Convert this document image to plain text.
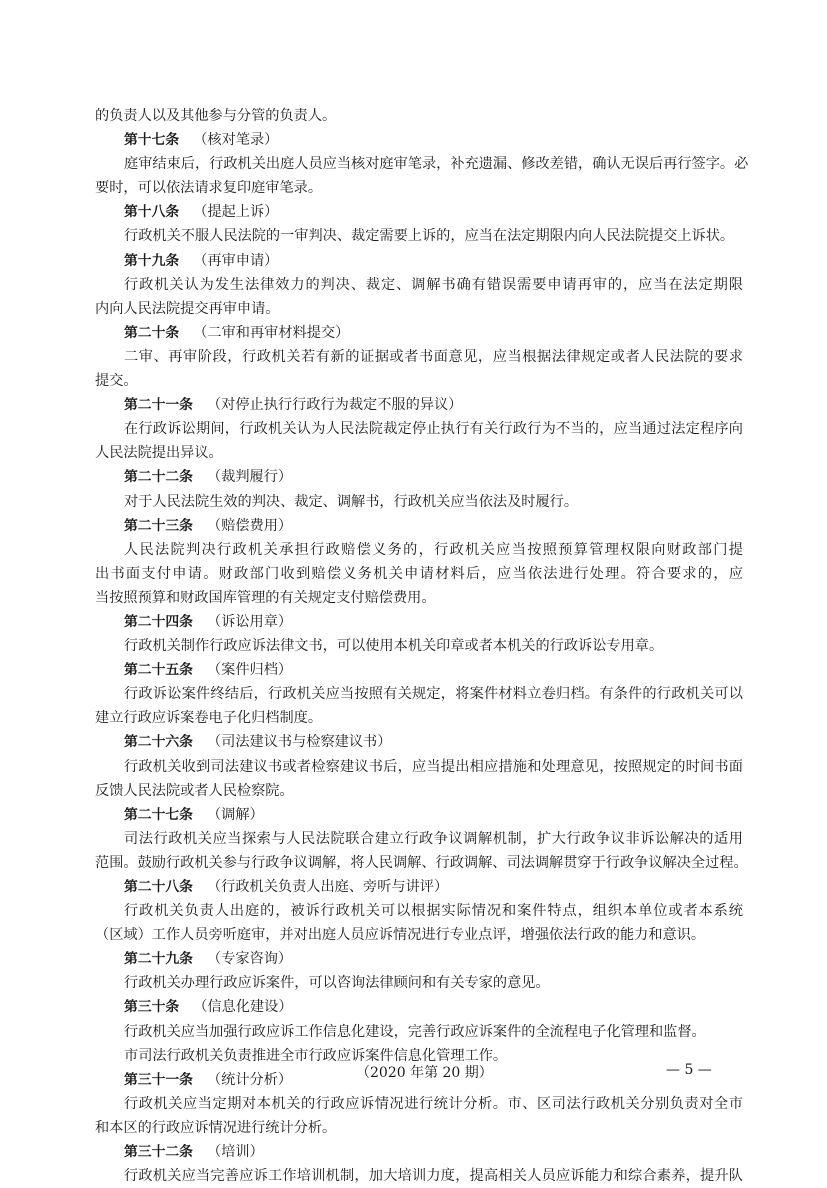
的负责人以及其他参与分管的负责人。
第十七条 （核对笔录）
庭审结束后，行政机关出庭人员应当核对庭审笔录，补充遗漏、修改差错，确认无误后再行签字。必
要时，可以依法请求复印庭审笔录。
第十八条 （提起上诉）
行政机关不服人民法院的一审判决、裁定需要上诉的，应当在法定期限内向人民法院提交上诉状。
第十九条 （再审申请）
行政机关认为发生法律效力的判决、裁定、调解书确有错误需要申请再审的，应当在法定期限
内向人民法院提交再审申请。
第二十条 （二审和再审材料提交）
二审、再审阶段，行政机关若有新的证据或者书面意见，应当根据法律规定或者人民法院的要求
提交。
第二十一条 （对停止执行行政行为裁定不服的异议）
在行政诉讼期间，行政机关认为人民法院裁定停止执行有关行政行为不当的，应当通过法定程序向
人民法院提出异议。
第二十二条 （裁判履行）
对于人民法院生效的判决、裁定、调解书，行政机关应当依法及时履行。
第二十三条 （赔偿费用）
人民法院判决行政机关承担行政赔偿义务的，行政机关应当按照预算管理权限向财政部门提
出书面支付申请。财政部门收到赔偿义务机关申请材料后，应当依法进行处理。符合要求的，应
当按照预算和财政国库管理的有关规定支付赔偿费用。
第二十四条 （诉讼用章）
行政机关制作行政应诉法律文书，可以使用本机关印章或者本机关的行政诉讼专用章。
第二十五条 （案件归档）
行政诉讼案件终结后，行政机关应当按照有关规定，将案件材料立卷归档。有条件的行政机关可以
建立行政应诉案卷电子化归档制度。
第二十六条 （司法建议书与检察建议书）
行政机关收到司法建议书或者检察建议书后，应当提出相应措施和处理意见，按照规定的时间书面
反馈人民法院或者人民检察院。
第二十七条 （调解）
司法行政机关应当探索与人民法院联合建立行政争议调解机制，扩大行政争议非诉讼解决的适用
范围。鼓励行政机关参与行政争议调解，将人民调解、行政调解、司法调解贯穿于行政争议解决全过程。
第二十八条 （行政机关负责人出庭、旁听与讲评）
行政机关负责人出庭的，被诉行政机关可以根据实际情况和案件特点，组织本单位或者本系统
（区域）工作人员旁听庭审，并对出庭人员应诉情况进行专业点评，增强依法行政的能力和意识。
第二十九条 （专家咨询）
行政机关办理行政应诉案件，可以咨询法律顾问和有关专家的意见。
第三十条 （信息化建设）
行政机关应当加强行政应诉工作信息化建设，完善行政应诉案件的全流程电子化管理和监督。
市司法行政机关负责推进全市行政应诉案件信息化管理工作。
第三十一条 （统计分析）
行政机关应当定期对本机关的行政应诉情况进行统计分析。市、区司法行政机关分别负责对全市
和本区的行政应诉情况进行统计分析。
第三十二条 （培训）
行政机关应当完善应诉工作培训机制，加大培训力度，提高相关人员应诉能力和综合素养，提升队
（2020 年第 20 期）	— 5 —
